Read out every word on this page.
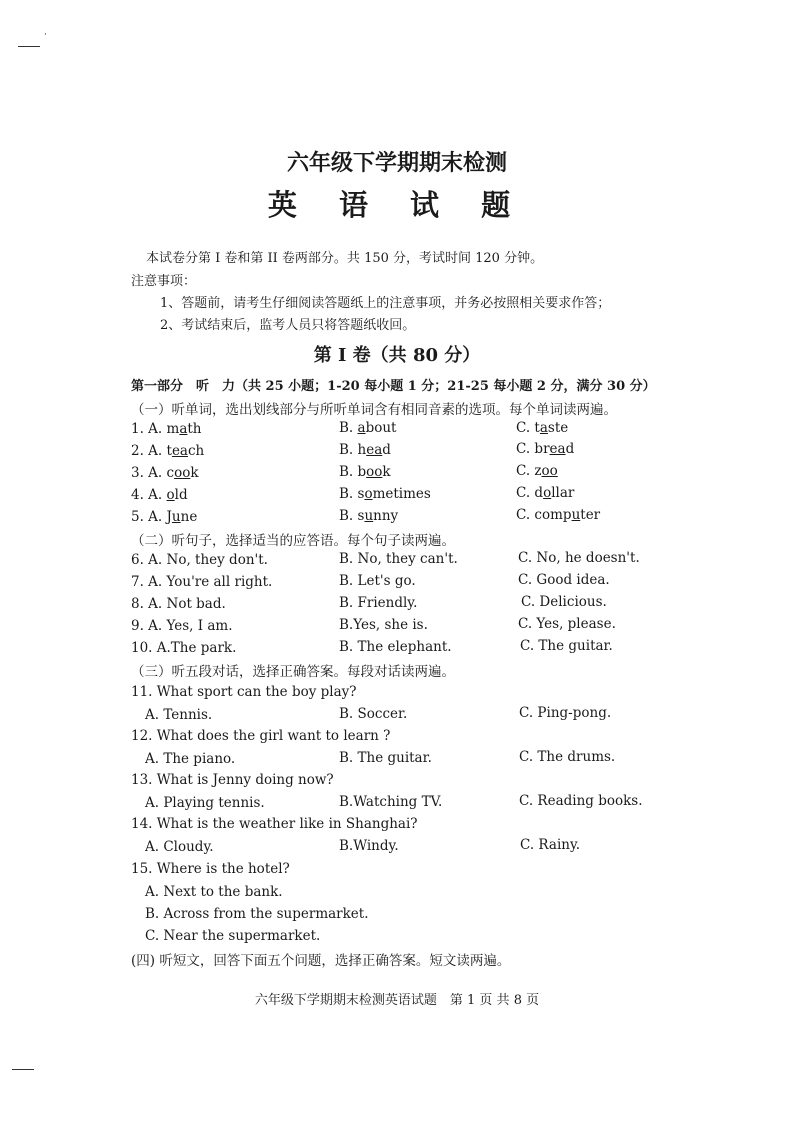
·
六年级下学期期末检测
英 语 试 题
本试卷分第 I 卷和第 II 卷两部分。共 150 分，考试时间 120 分钟。
注意事项：
1、答题前，请考生仔细阅读答题纸上的注意事项，并务必按照相关要求作答；
2、考试结束后，监考人员只将答题纸收回。
第 I 卷（共 80 分）
第一部分　听　力（共 25 小题；1-20 每小题 1 分；21-25 每小题 2 分，满分 30 分）
（一）听单词，选出划线部分与所听单词含有相同音素的选项。每个单词读两遍。
1. A. math	B. about	C. taste
2. A. teach	B. head	C. bread
3. A. cook	B. book	C. zoo
4. A. old	B. sometimes	C. dollar
5. A. June	B. sunny	C. computer
（二）听句子，选择适当的应答语。每个句子读两遍。
6. A. No, they don't.	B. No, they can't.	C. No, he doesn't.
7. A. You're all right.	B. Let's go.	C. Good idea.
8. A. Not bad.	B. Friendly.	C. Delicious.
9. A. Yes, I am.	B.Yes, she is.	C. Yes, please.
10. A.The park.	B. The elephant.	C. The guitar.
（三）听五段对话，选择正确答案。每段对话读两遍。
11. What sport can the boy play?
A. Tennis.	B. Soccer.	C. Ping-pong.
12. What does the girl want to learn ?
A. The piano.	B. The guitar.	C. The drums.
13. What is Jenny doing now?
A. Playing tennis.	B.Watching TV.	C. Reading books.
14. What is the weather like in Shanghai?
A. Cloudy.	B.Windy.	C. Rainy.
15. Where is the hotel?
A. Next to the bank.
B. Across from the supermarket.
C. Near the supermarket.
(四) 听短文，回答下面五个问题，选择正确答案。短文读两遍。
六年级下学期期末检测英语试题　第 1 页 共 8 页
